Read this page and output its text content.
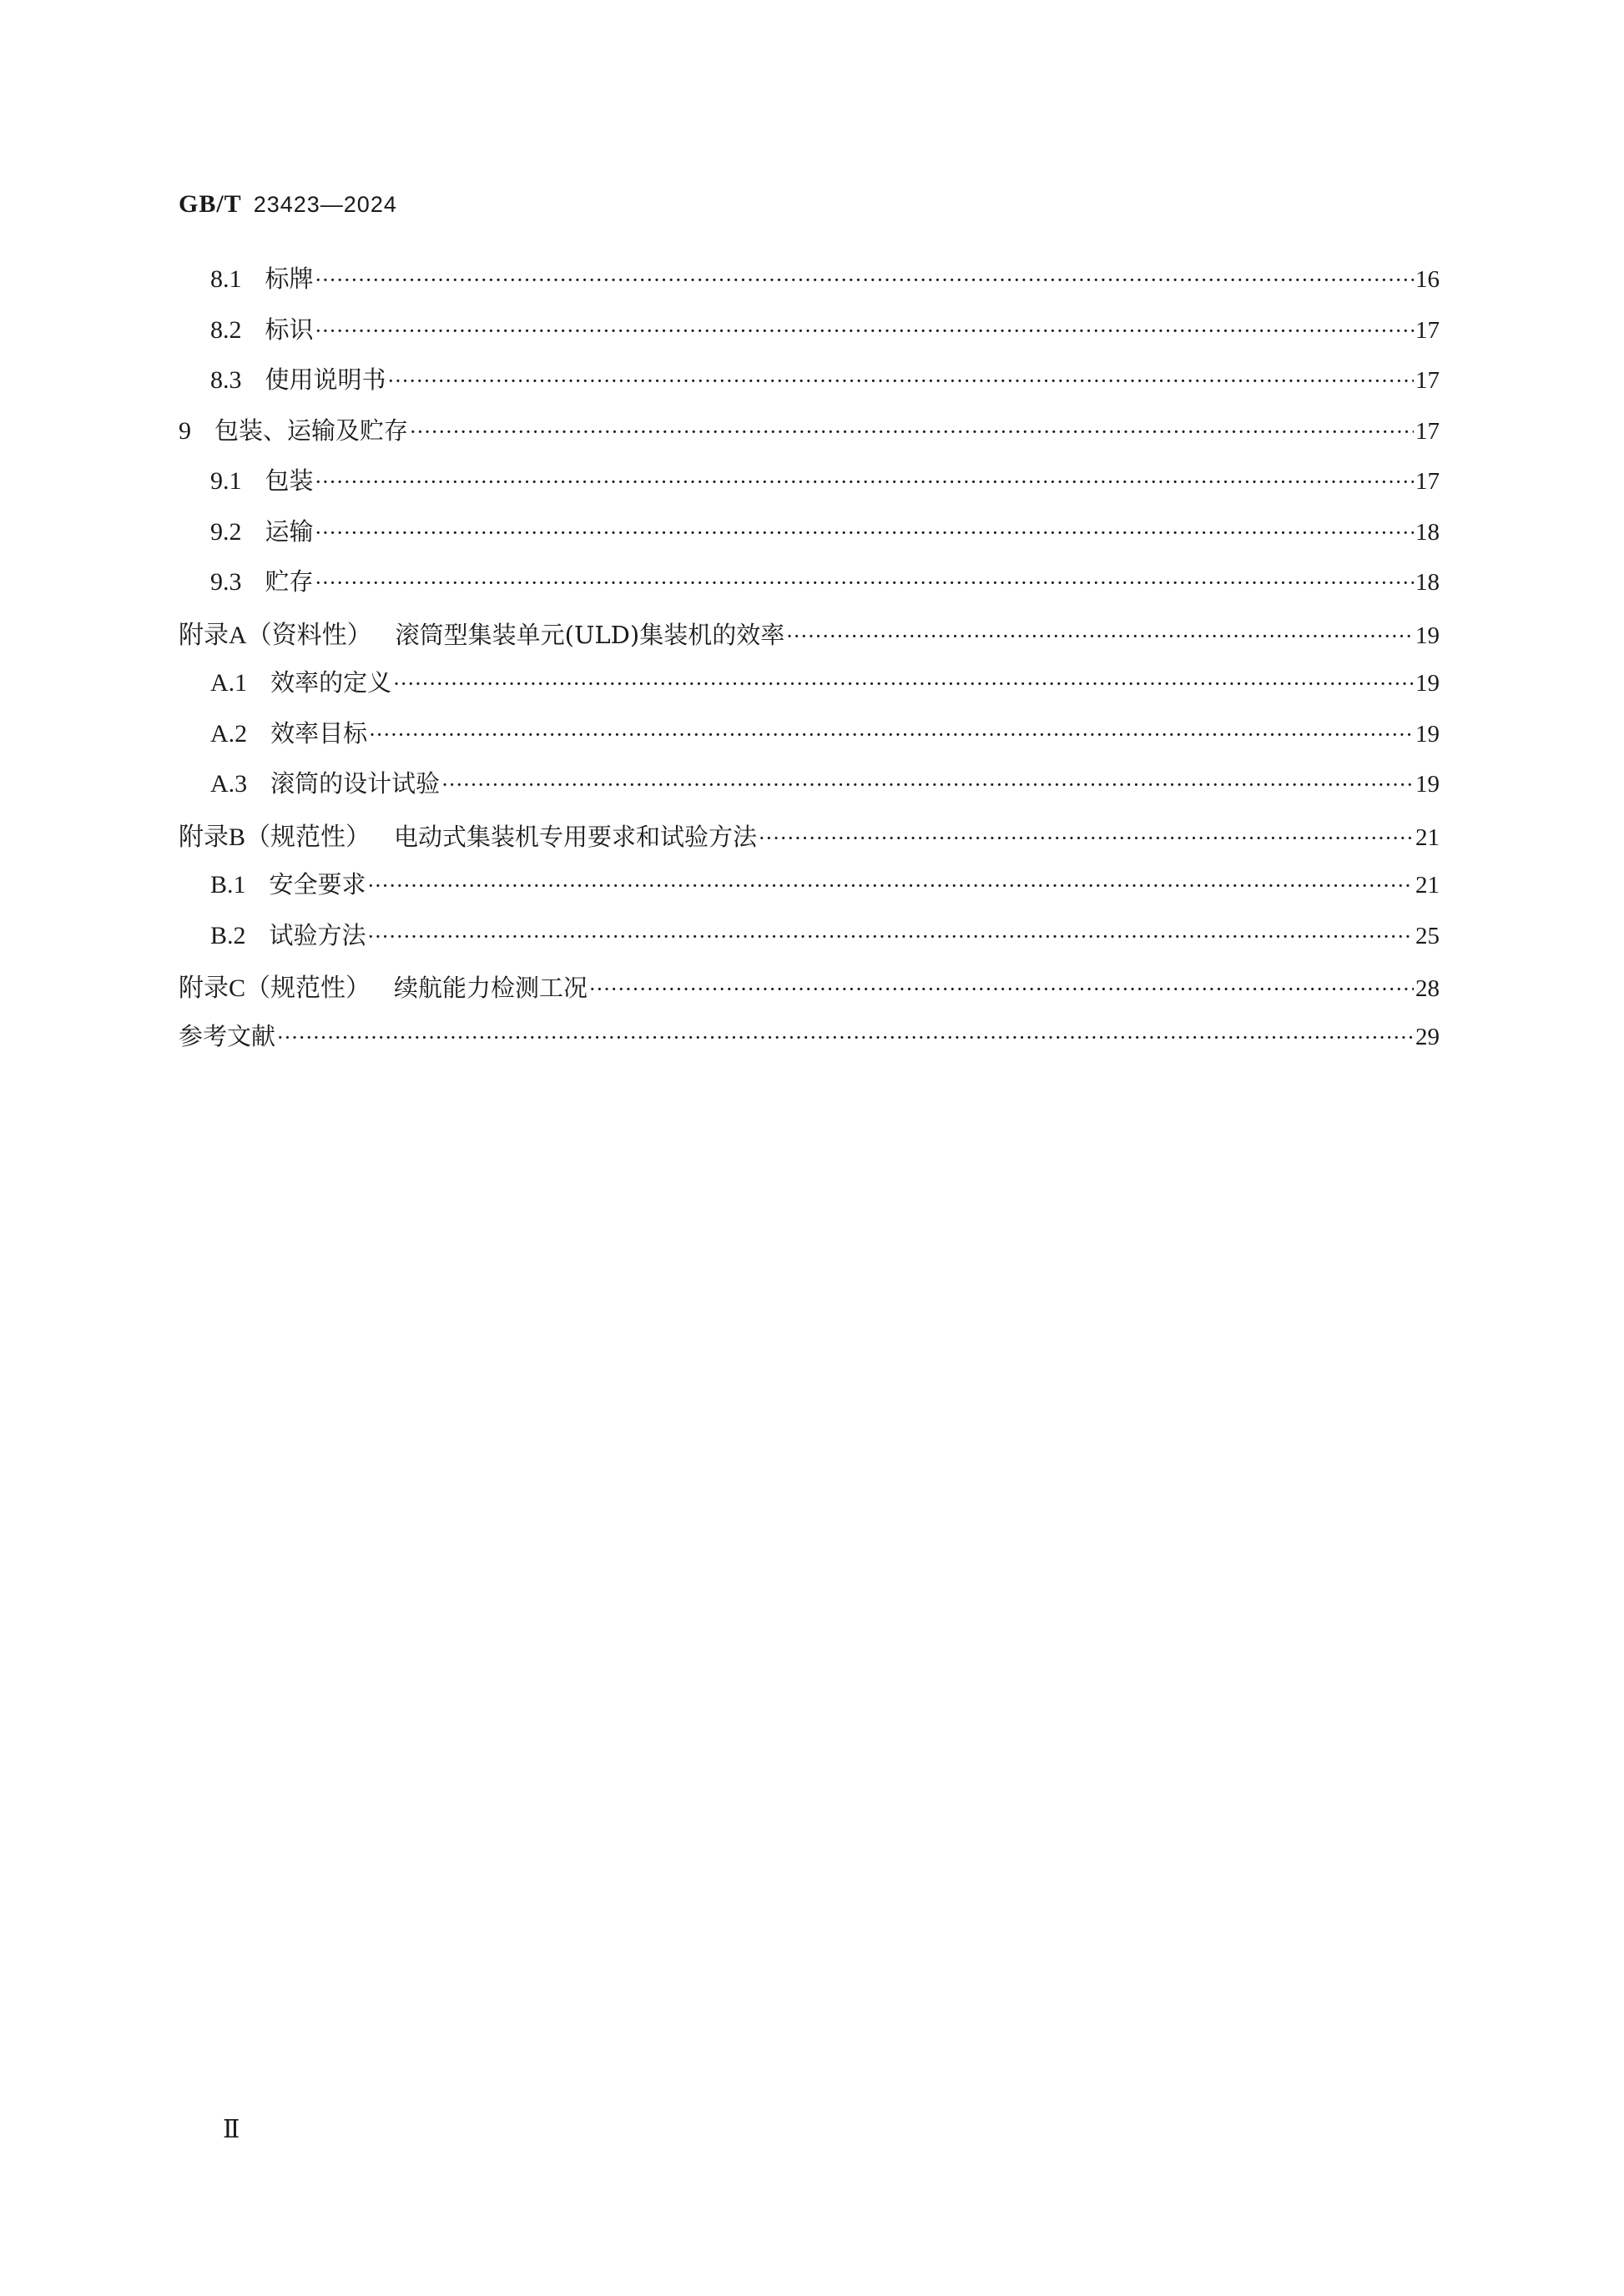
GB/T 23423—2024
8.1 标牌 ·····	16
8.2 标识 ·····	17
8.3 使用说明书 ·····	17
9 包装、运输及贮存 ·····	17
9.1 包装 ·····	17
9.2 运输 ·····	18
9.3 贮存 ·····	18
附录A（资料性） 滚筒型集装单元(ULD)集装机的效率 ·····	19
A.1 效率的定义 ·····	19
A.2 效率目标 ·····	19
A.3 滚筒的设计试验 ·····	19
附录B（规范性） 电动式集装机专用要求和试验方法 ·····	21
B.1 安全要求 ·····	21
B.2 试验方法 ·····	25
附录C（规范性） 续航能力检测工况 ·····	28
参考文献 ·····	29
Ⅱ
